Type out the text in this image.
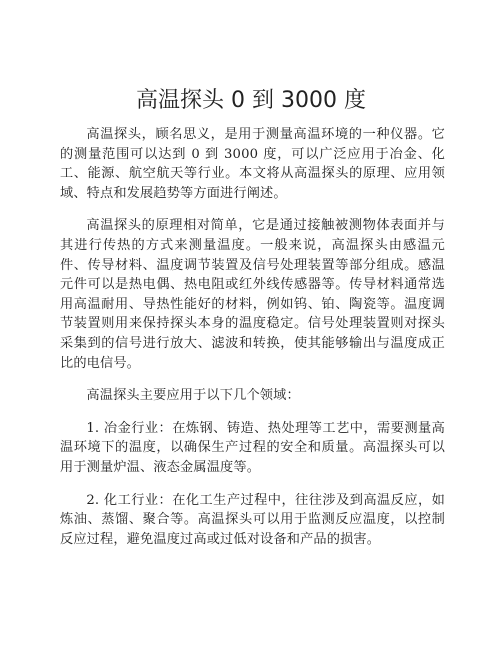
高温探头 0 到 3000 度

高温探头，顾名思义，是用于测量高温环境的一种仪器。它的测量范围可以达到 0 到 3000 度，可以广泛应用于冶金、化工、能源、航空航天等行业。本文将从高温探头的原理、应用领域、特点和发展趋势等方面进行阐述。

高温探头的原理相对简单，它是通过接触被测物体表面并与其进行传热的方式来测量温度。一般来说，高温探头由感温元件、传导材料、温度调节装置及信号处理装置等部分组成。感温元件可以是热电偶、热电阻或红外线传感器等。传导材料通常选用高温耐用、导热性能好的材料，例如钨、铂、陶瓷等。温度调节装置则用来保持探头本身的温度稳定。信号处理装置则对探头采集到的信号进行放大、滤波和转换，使其能够输出与温度成正比的电信号。

高温探头主要应用于以下几个领域：

1. 冶金行业：在炼钢、铸造、热处理等工艺中，需要测量高温环境下的温度，以确保生产过程的安全和质量。高温探头可以用于测量炉温、液态金属温度等。

2. 化工行业：在化工生产过程中，往往涉及到高温反应，如炼油、蒸馏、聚合等。高温探头可以用于监测反应温度，以控制反应过程，避免温度过高或过低对设备和产品的损害。
